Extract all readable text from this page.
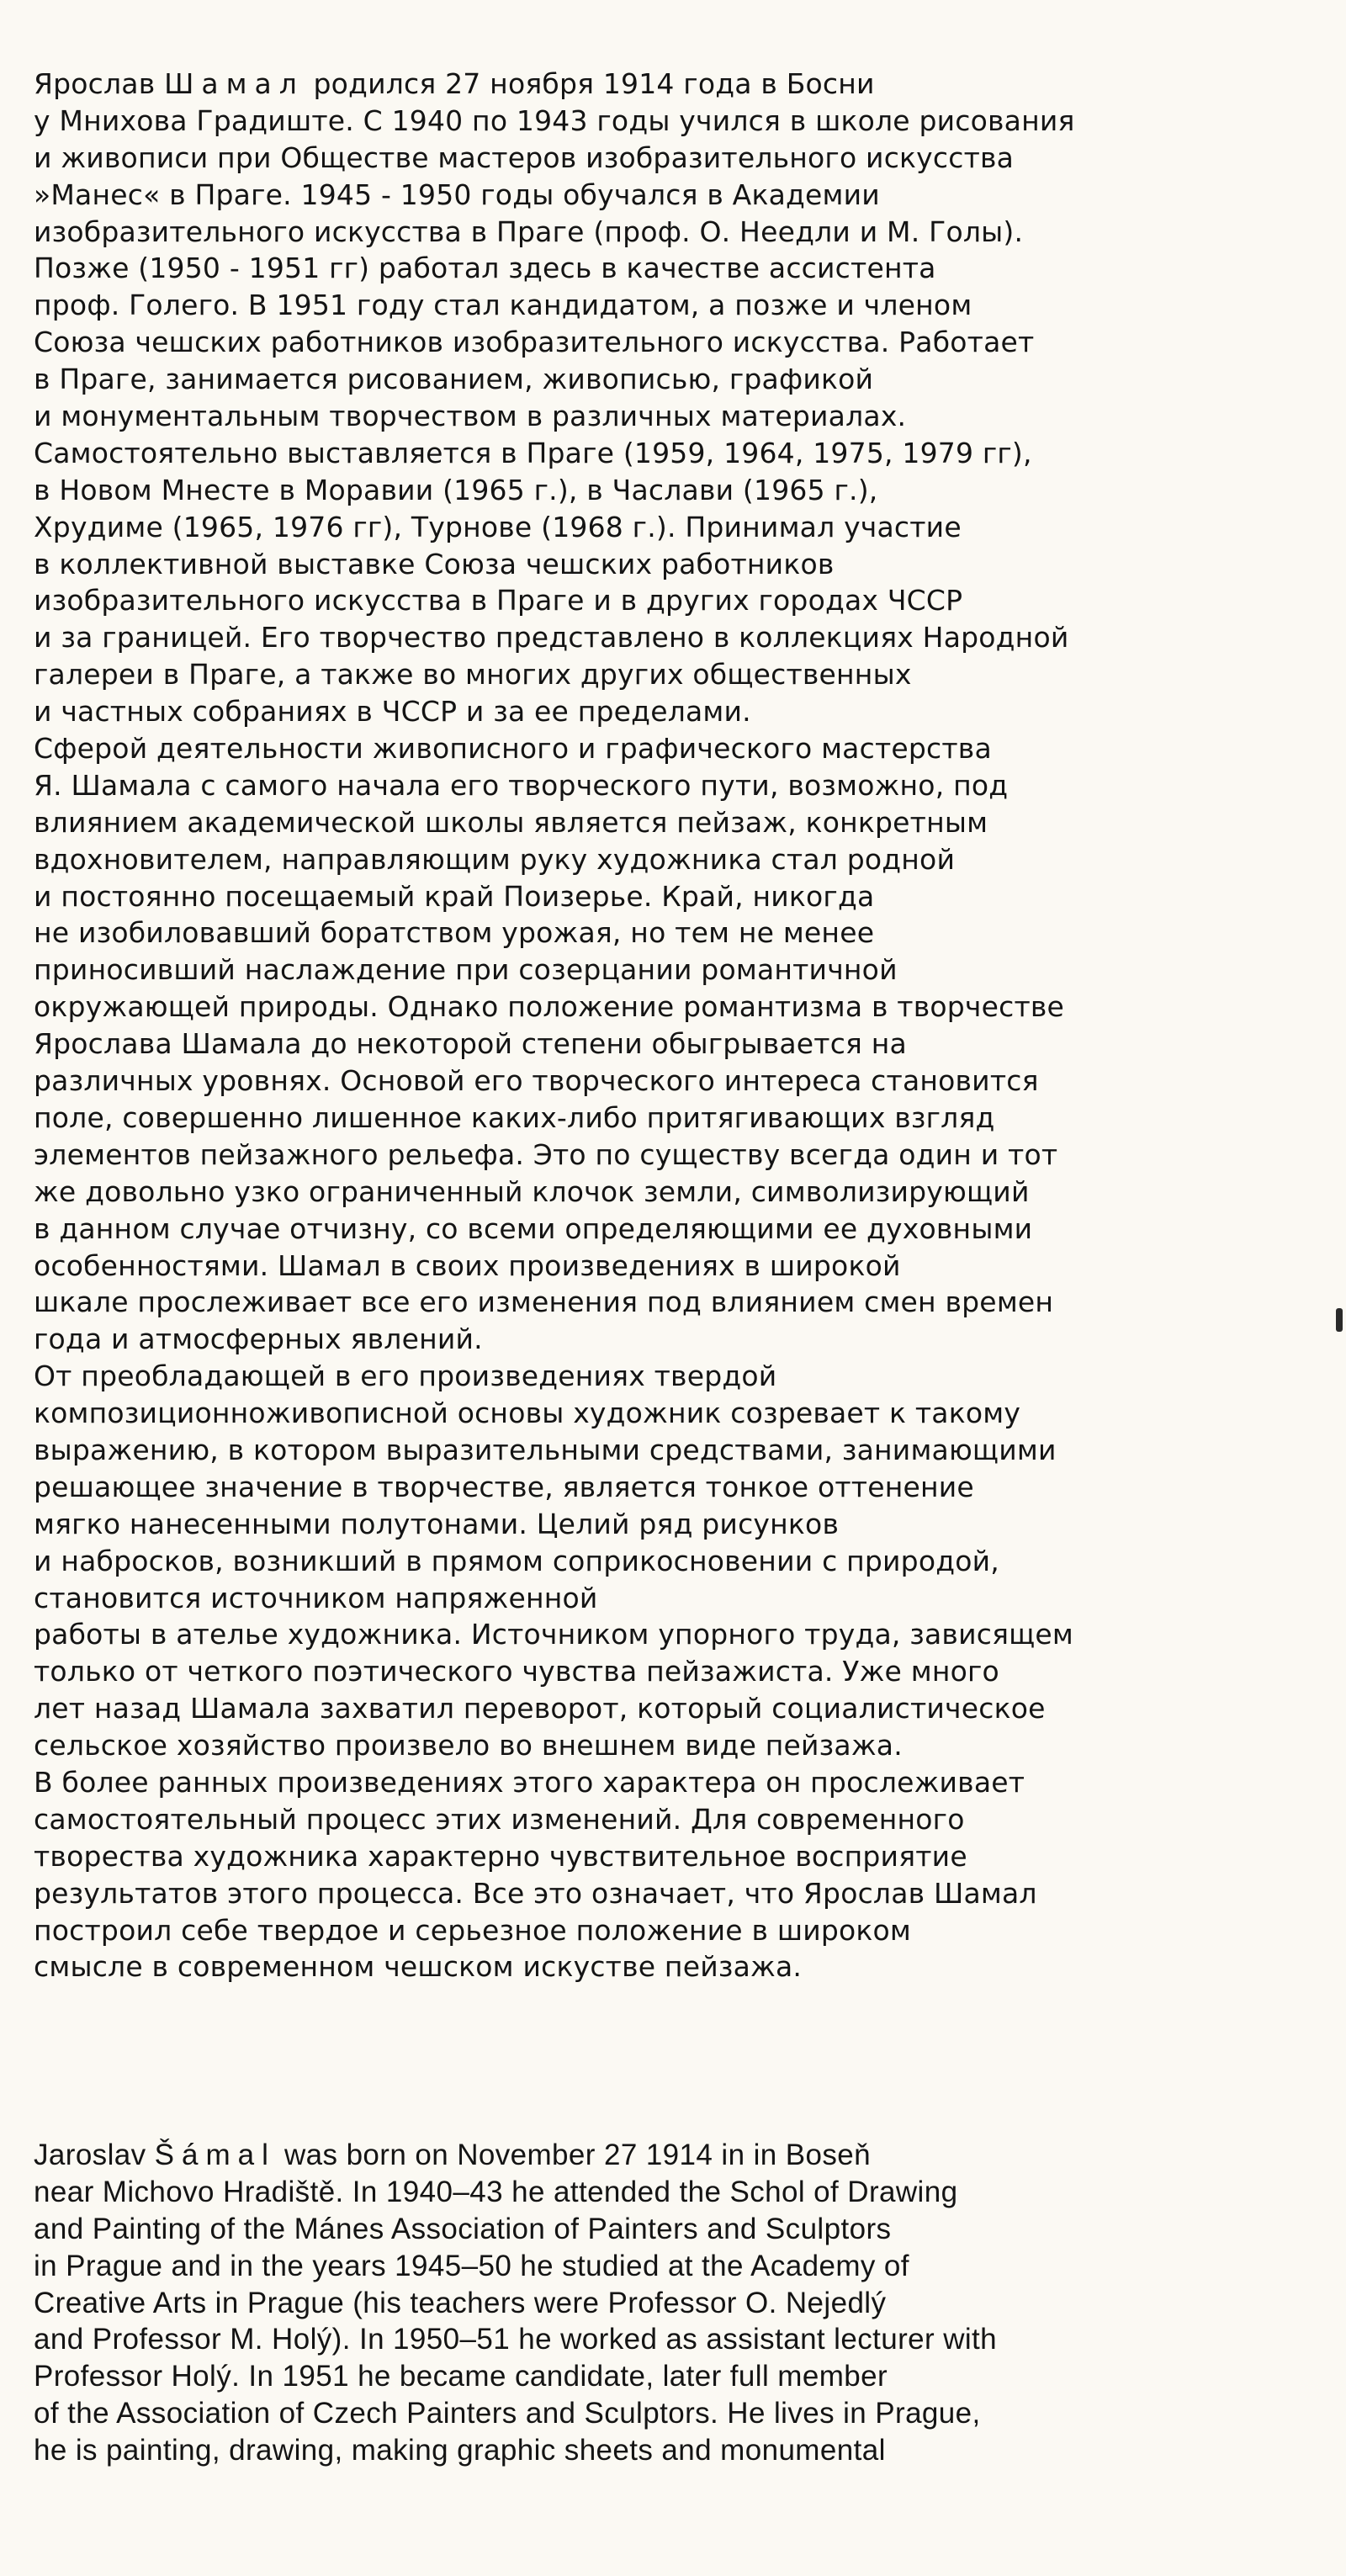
Ярослав Шамал родился 27 ноября 1914 года в Босни
у Мнихова Градиште. С 1940 по 1943 годы учился в школе рисования
и живописи при Обществе мастеров изобразительного искусства
»Манес« в Праге. 1945 - 1950 годы обучался в Академии
изобразительного искусства в Праге (проф. О. Неедли и М. Голы).
Позже (1950 - 1951 гг) работал здесь в качестве ассистента
проф. Голего. В 1951 году стал кандидатом, а позже и членом
Союза чешских работников изобразительного искусства. Работает
в Праге, занимается рисованием, живописью, графикой
и монументальным творчеством в различных материалах.
Самостоятельно выставляется в Праге (1959, 1964, 1975, 1979 гг),
в Новом Мнесте в Моравии (1965 г.), в Часлави (1965 г.),
Хрудиме (1965, 1976 гг), Турнове (1968 г.). Принимал участие
в коллективной выставке Союза чешских работников
изобразительного искусства в Праге и в других городах ЧССР
и за границей. Его творчество представлено в коллекциях Народной
галереи в Праге, а также во многих других общественных
и частных собраниях в ЧССР и за ее пределами.
Сферой деятельности живописного и графического мастерства
Я. Шамала с самого начала его творческого пути, возможно, под
влиянием академической школы является пейзаж, конкретным
вдохновителем, направляющим руку художника стал родной
и постоянно посещаемый край Поизерье. Край, никогда
не изобиловавший боратством урожая, но тем не менее
приносивший наслаждение при созерцании романтичной
окружающей природы. Однако положение романтизма в творчестве
Ярослава Шамала до некоторой степени обыгрывается на
различных уровнях. Основой его творческого интереса становится
поле, совершенно лишенное каких-либо притягивающих взгляд
элементов пейзажного рельефа. Это по существу всегда один и тот
же довольно узко ограниченный клочок земли, символизирующий
в данном случае отчизну, со всеми определяющими ее духовными
особенностями. Шамал в своих произведениях в широкой
шкале прослеживает все его изменения под влиянием смен времен
года и атмосферных явлений.
От преобладающей в его произведениях твердой
композиционноживописной основы художник созревает к такому
выражению, в котором выразительными средствами, занимающими
решающее значение в творчестве, является тонкое оттенение
мягко нанесенными полутонами. Целий ряд рисунков
и набросков, возникший в прямом соприкосновении с природой,
становится источником напряженной
работы в ателье художника. Источником упорного труда, зависящем
только от четкого поэтического чувства пейзажиста. Уже много
лет назад Шамала захватил переворот, который социалистическое
сельское хозяйство произвело во внешнем виде пейзажа.
В более ранных произведениях этого характера он прослеживает
самостоятельный процесс этих изменений. Для современного
творества художника характерно чувствительное восприятие
результатов этого процесса. Все это означает, что Ярослав Шамал
построил себе твердое и серьезное положение в широком
смысле в современном чешском искуствe пейзажа.
Jaroslav Šámal was born on November 27 1914 in in Boseň
near Michovo Hradiště. In 1940–43 he attended the Schol of Drawing
and Painting of the Mánes Association of Painters and Sculptors
in Prague and in the years 1945–50 he studied at the Academy of
Creative Arts in Prague (his teachers were Professor O. Nejedlý
and Professor M. Holý). In 1950–51 he worked as assistant lecturer with
Professor Holý. In 1951 he became candidate, later full member
of the Association of Czech Painters and Sculptors. He lives in Prague,
he is painting, drawing, making graphic sheets and monumental
